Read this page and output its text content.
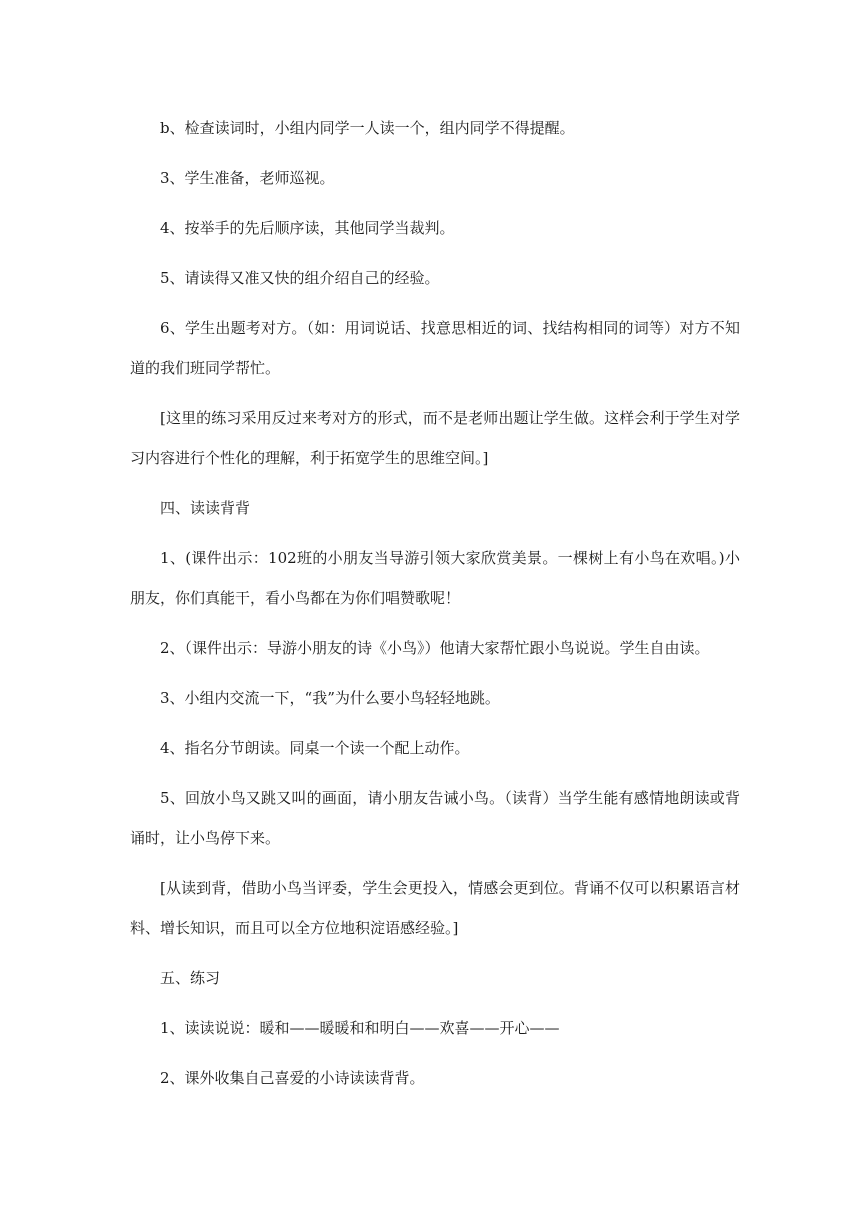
b、检查读词时，小组内同学一人读一个，组内同学不得提醒。

3、学生准备，老师巡视。

4、按举手的先后顺序读，其他同学当裁判。

5、请读得又准又快的组介绍自己的经验。

6、学生出题考对方。（如：用词说话、找意思相近的词、找结构相同的词等）对方不知道的我们班同学帮忙。

[这里的练习采用反过来考对方的形式，而不是老师出题让学生做。这样会利于学生对学习内容进行个性化的理解，利于拓宽学生的思维空间。]

四、读读背背

1、(课件出示：102班的小朋友当导游引领大家欣赏美景。一棵树上有小鸟在欢唱。)小朋友，你们真能干，看小鸟都在为你们唱赞歌呢！

2、（课件出示：导游小朋友的诗《小鸟》）他请大家帮忙跟小鸟说说。学生自由读。

3、小组内交流一下，“我”为什么要小鸟轻轻地跳。

4、指名分节朗读。同桌一个读一个配上动作。

5、回放小鸟又跳又叫的画面，请小朋友告诫小鸟。（读背）当学生能有感情地朗读或背诵时，让小鸟停下来。

[从读到背，借助小鸟当评委，学生会更投入，情感会更到位。背诵不仅可以积累语言材料、增长知识，而且可以全方位地积淀语感经验。]

五、练习

1、读读说说：暖和——暖暖和和明白——欢喜——开心——

2、课外收集自己喜爱的小诗读读背背。
